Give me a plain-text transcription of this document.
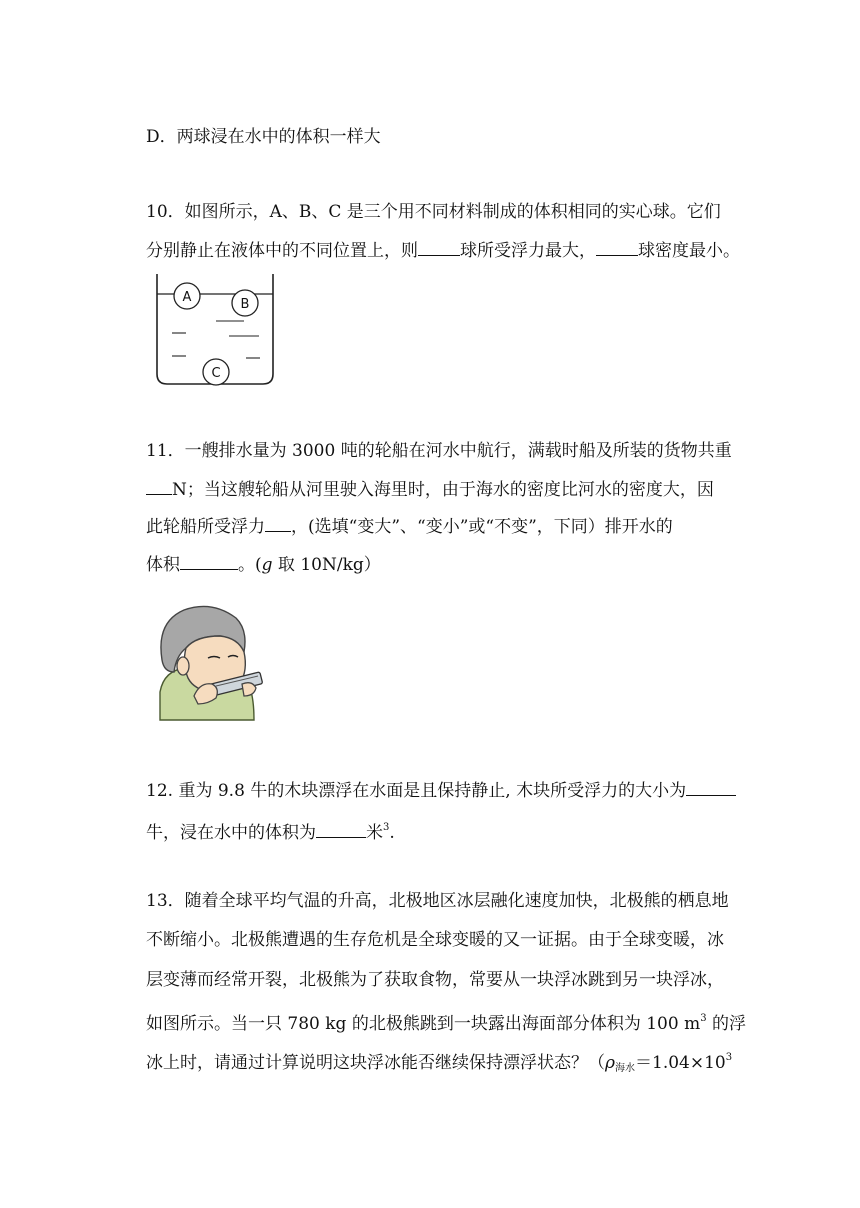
D．两球浸在水中的体积一样大
10．如图所示，A、B、C 是三个用不同材料制成的体积相同的实心球。它们
分别静止在液体中的不同位置上，则 球所受浮力最大， 球密度最小。
A	B
C
11．一艘排水量为 3000 吨的轮船在河水中航行，满载时船及所装的货物共重
N；当这艘轮船从河里驶入海里时，由于海水的密度比河水的密度大，因
此轮船所受浮力 ，(选填“变大”、“变小”或“不变”，下同）排开水的
体积	。(g 取 10N/kg）
12. 重为 9.8 牛的木块漂浮在水面是且保持静止, 木块所受浮力的大小为
牛，浸在水中的体积为	米$^3$.
13．随着全球平均气温的升高，北极地区冰层融化速度加快，北极熊的栖息地
不断缩小。北极熊遭遇的生存危机是全球变暖的又一证据。由于全球变暖，冰
层变薄而经常开裂，北极熊为了获取食物，常要从一块浮冰跳到另一块浮冰，
如图所示。当一只 780 kg 的北极熊跳到一块露出海面部分体积为 100 $m^3$ 的浮
冰上时，请通过计算说明这块浮冰能否继续保持漂浮状态？（$\rho_{海水}=1.04\times 10^3$
